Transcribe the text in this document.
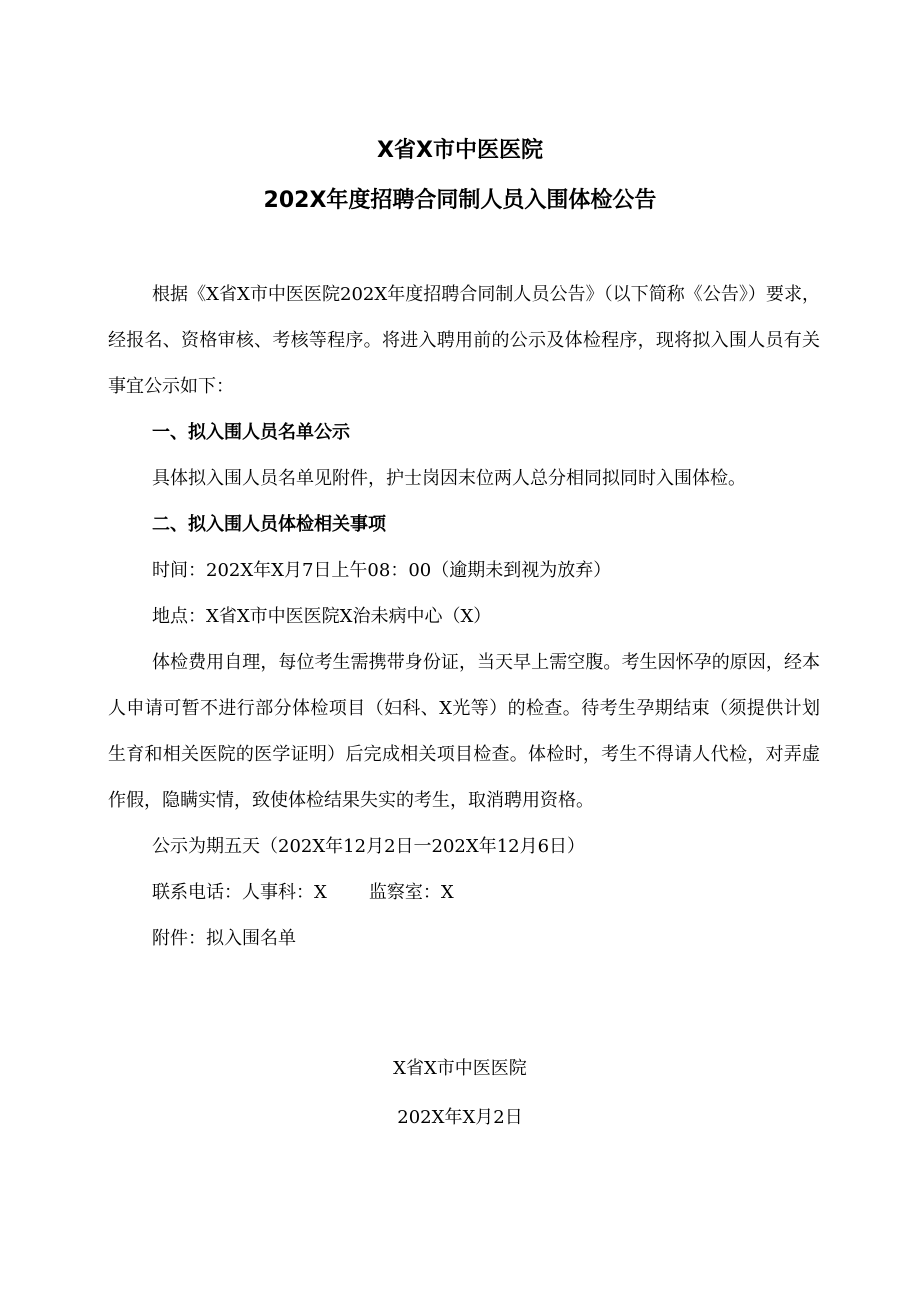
X省X市中医医院
202X年度招聘合同制人员入围体检公告

根据《X省X市中医医院202X年度招聘合同制人员公告》（以下简称《公告》）要求，经报名、资格审核、考核等程序。将进入聘用前的公示及体检程序，现将拟入围人员有关事宜公示如下：

一、拟入围人员名单公示

具体拟入围人员名单见附件，护士岗因末位两人总分相同拟同时入围体检。

二、拟入围人员体检相关事项

时间：202X年X月7日上午08：00（逾期未到视为放弃）

地点：X省X市中医医院X治未病中心（X）

体检费用自理，每位考生需携带身份证，当天早上需空腹。考生因怀孕的原因，经本人申请可暂不进行部分体检项目（妇科、X光等）的检查。待考生孕期结束（须提供计划生育和相关医院的医学证明）后完成相关项目检查。体检时，考生不得请人代检，对弄虚作假，隐瞒实情，致使体检结果失实的考生，取消聘用资格。

公示为期五天（202X年12月2日一202X年12月6日）

联系电话：人事科：X 监察室：X

附件：拟入围名单

X省X市中医医院
202X年X月2日
